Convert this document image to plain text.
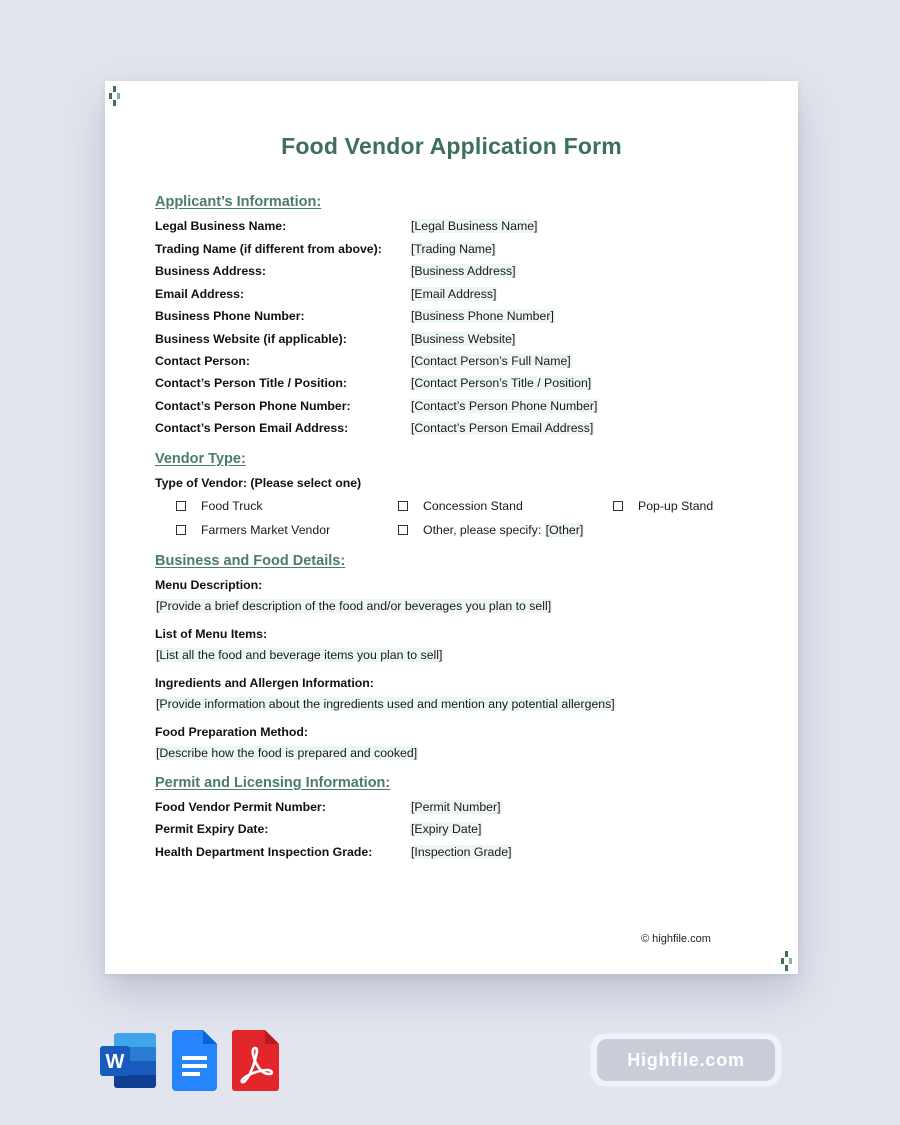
Food Vendor Application Form
Applicant’s Information:
Legal Business Name:	[Legal Business Name]
Trading Name (if different from above): [Trading Name]
Business Address:	[Business Address]
Email Address:	[Email Address]
Business Phone Number:	[Business Phone Number]
Business Website (if applicable):	[Business Website]
Contact Person:	[Contact Person’s Full Name]
Contact’s Person Title / Position:	[Contact Person’s Title / Position]
Contact’s Person Phone Number:	[Contact’s Person Phone Number]
Contact’s Person Email Address:	[Contact’s Person Email Address]
Vendor Type:
Type of Vendor: (Please select one)
Food Truck	Concession Stand	Pop-up Stand
Farmers Market Vendor	Other, please specify: [Other]
Business and Food Details:
Menu Description:
[Provide a brief description of the food and/or beverages you plan to sell]
List of Menu Items:
[List all the food and beverage items you plan to sell]
Ingredients and Allergen Information:
[Provide information about the ingredients used and mention any potential allergens]
Food Preparation Method:
[Describe how the food is prepared and cooked]
Permit and Licensing Information:
Food Vendor Permit Number:	[Permit Number]
Permit Expiry Date:	[Expiry Date]
Health Department Inspection Grade:	[Inspection Grade]
© highfile.com
W	Highfile.com
